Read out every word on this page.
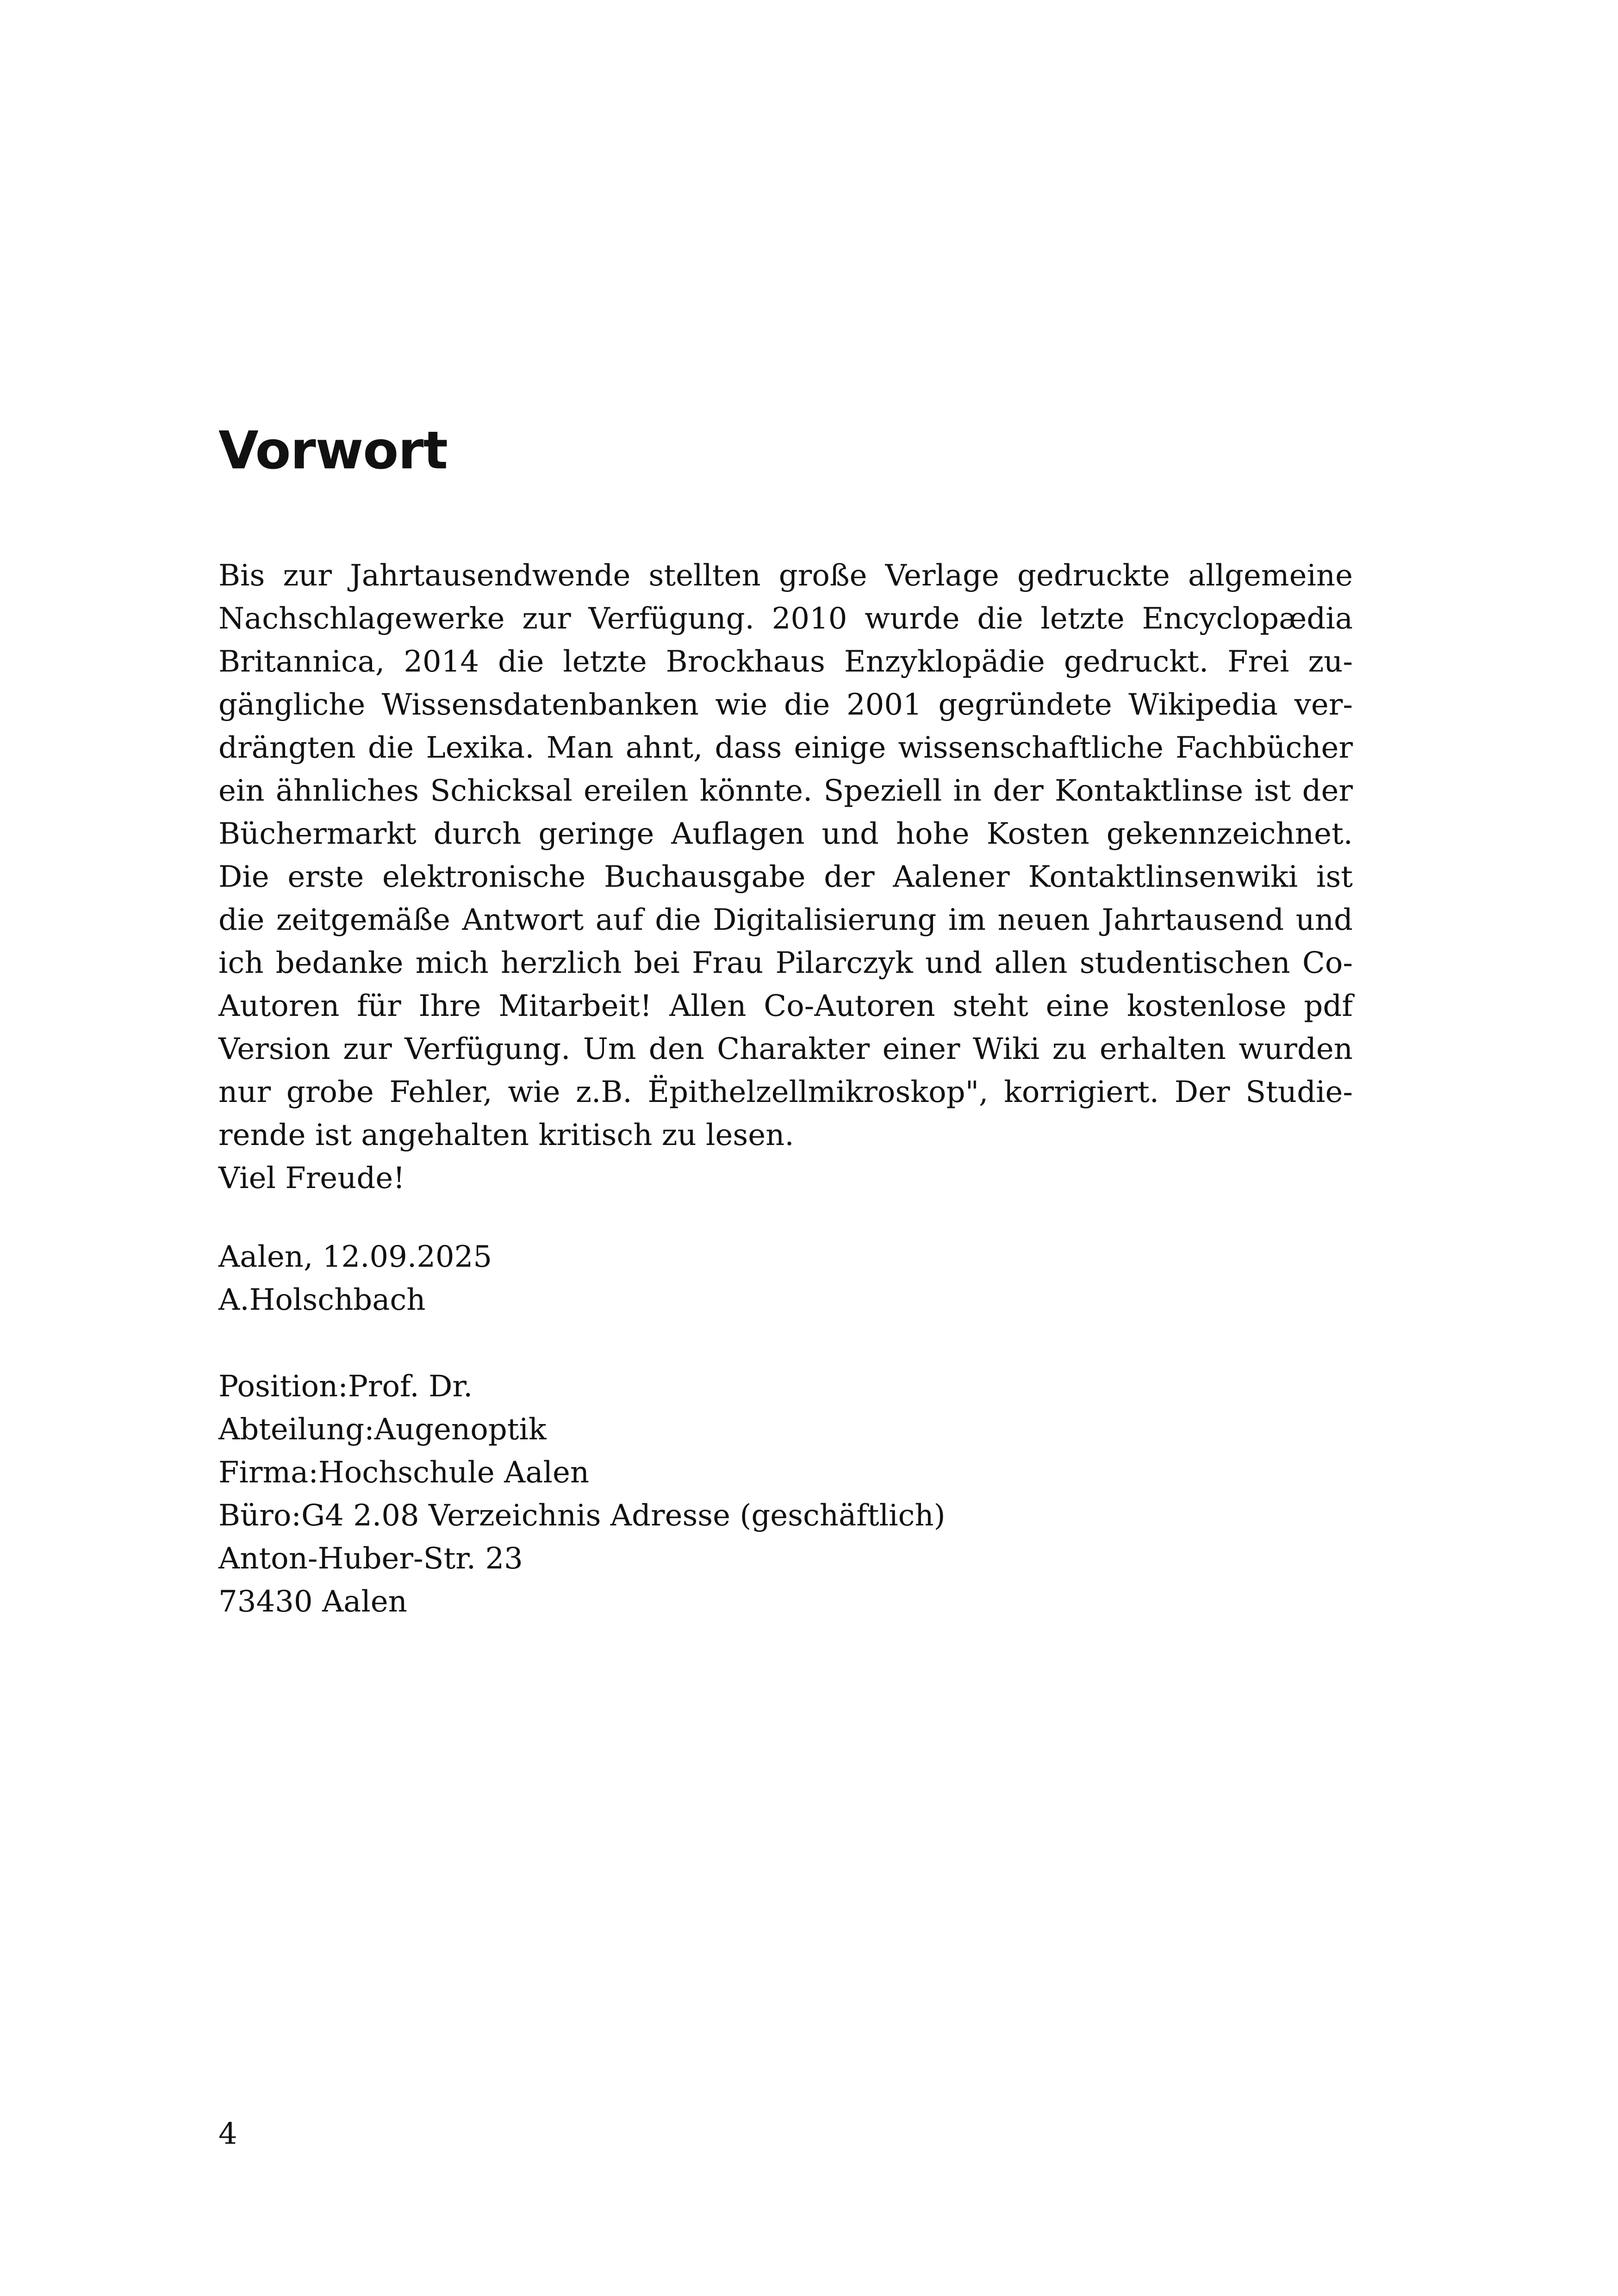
Vorwort
Bis zur Jahrtausendwende stellten große Verlage gedruckte allgemeine
Nachschlagewerke zur Verfügung. 2010 wurde die letzte Encyclopædia
Britannica, 2014 die letzte Brockhaus Enzyklopädie gedruckt. Frei zu-
gängliche Wissensdatenbanken wie die 2001 gegründete Wikipedia ver-
drängten die Lexika. Man ahnt, dass einige wissenschaftliche Fachbücher
ein ähnliches Schicksal ereilen könnte. Speziell in der Kontaktlinse ist der
Büchermarkt durch geringe Auflagen und hohe Kosten gekennzeichnet.
Die erste elektronische Buchausgabe der Aalener Kontaktlinsenwiki ist
die zeitgemäße Antwort auf die Digitalisierung im neuen Jahrtausend und
ich bedanke mich herzlich bei Frau Pilarczyk und allen studentischen Co-
Autoren für Ihre Mitarbeit! Allen Co-Autoren steht eine kostenlose pdf
Version zur Verfügung. Um den Charakter einer Wiki zu erhalten wurden
nur grobe Fehler, wie z.B. Ëpithelzellmikroskop", korrigiert. Der Studie-
rende ist angehalten kritisch zu lesen.
Viel Freude!
Aalen, 12.09.2025
A.Holschbach
Position:Prof. Dr.
Abteilung:Augenoptik
Firma:Hochschule Aalen
Büro:G4 2.08 Verzeichnis Adresse (geschäftlich)
Anton-Huber-Str. 23
73430 Aalen
4
